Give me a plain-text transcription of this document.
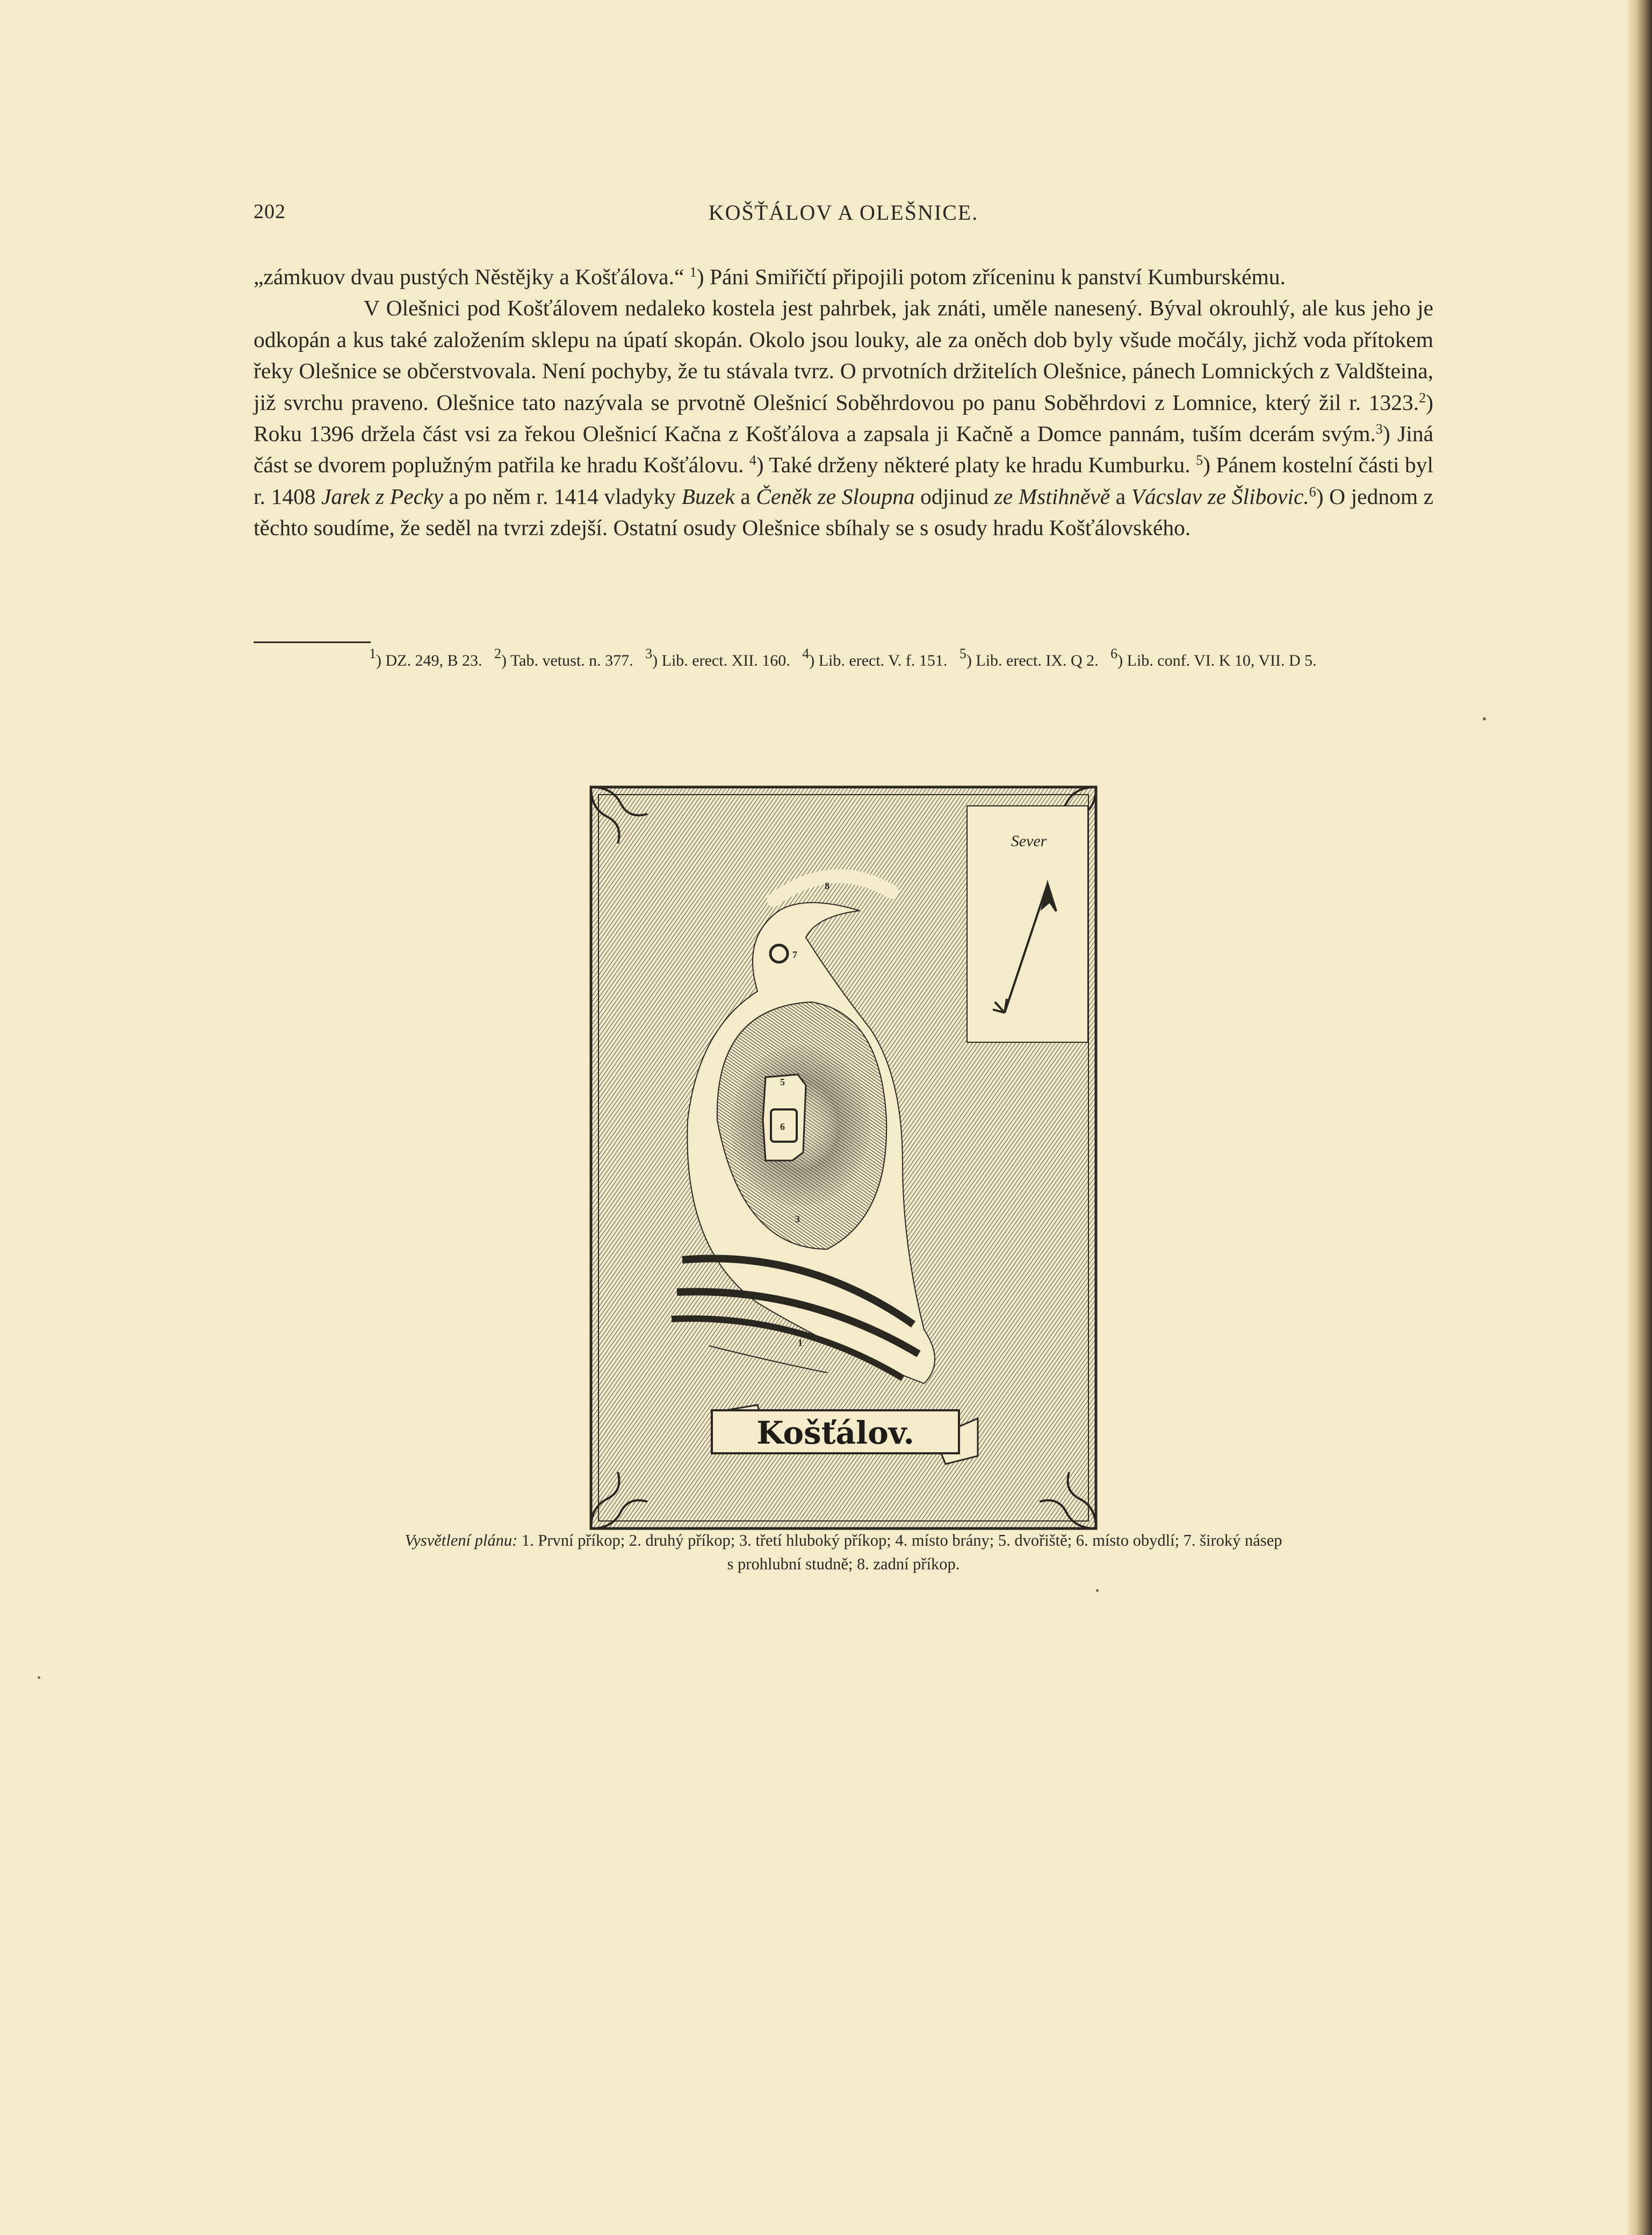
202	KOŠŤÁLOV A OLEŠNICE.

„zámkuov dvau pustých Něstějky a Košťálova.“ $^1$) Páni Smiřičtí připojili potom zříceninu k panství Kumburskému.

V Olešnici pod Košťálovem nedaleko kostela jest pahrbek, jak znáti, uměle nanesený. Býval okrouhlý, ale kus jeho je odkopán a kus také založením sklepu na úpatí skopán. Okolo jsou louky, ale za oněch dob byly všude močály, jichž voda přítokem řeky Olešnice se občerstvovala. Není pochyby, že tu stávala tvrz. O prvotních držitelích Olešnice, pánech Lomnických z Valdšteina, již svrchu praveno. Olešnice tato nazývala se prvotně Olešnicí Soběhrdovou po panu Soběhrdovi z Lomnice, který žil r. 1323.$^2$) Roku 1396 držela část vsi za řekou Olešnicí Kačna z Košťálova a zapsala ji Kačně a Domce pannám, tuším dcerám svým.$^3$) Jiná část se dvorem poplužným patřila ke hradu Košťálovu. $^4$) Také drženy některé platy ke hradu Kumburku. $^5$) Pánem kostelní části byl r. 1408 Jarek z Pecky a po něm r. 1414 vladyky Buzek a Čeněk ze Sloupna odjinud ze Mstihněvě a Vácslav ze Šlibovic.$^6$) O jednom z těchto soudíme, že seděl na tvrzi zdejší. Ostatní osudy Olešnice sbíhaly se s osudy hradu Košťálovského.

$^1$) DZ. 249, B 23. $^2$) Tab. vetust. n. 377. $^3$) Lib. erect. XII. 160. $^4$) Lib. erect. V. f. 151. $^5$) Lib. erect. IX. Q 2. $^6$) Lib. conf. VI. K 10, VII. D 5.

Sever
8
7
5
6
3
2
1
Košťálov.

Vysvětlení plánu: 1. První příkop; 2. druhý příkop; 3. třetí hluboký příkop; 4. místo brány; 5. dvořiště; 6. místo obydlí; 7. široký násep

s prohlubní studně; 8. zadní příkop.
